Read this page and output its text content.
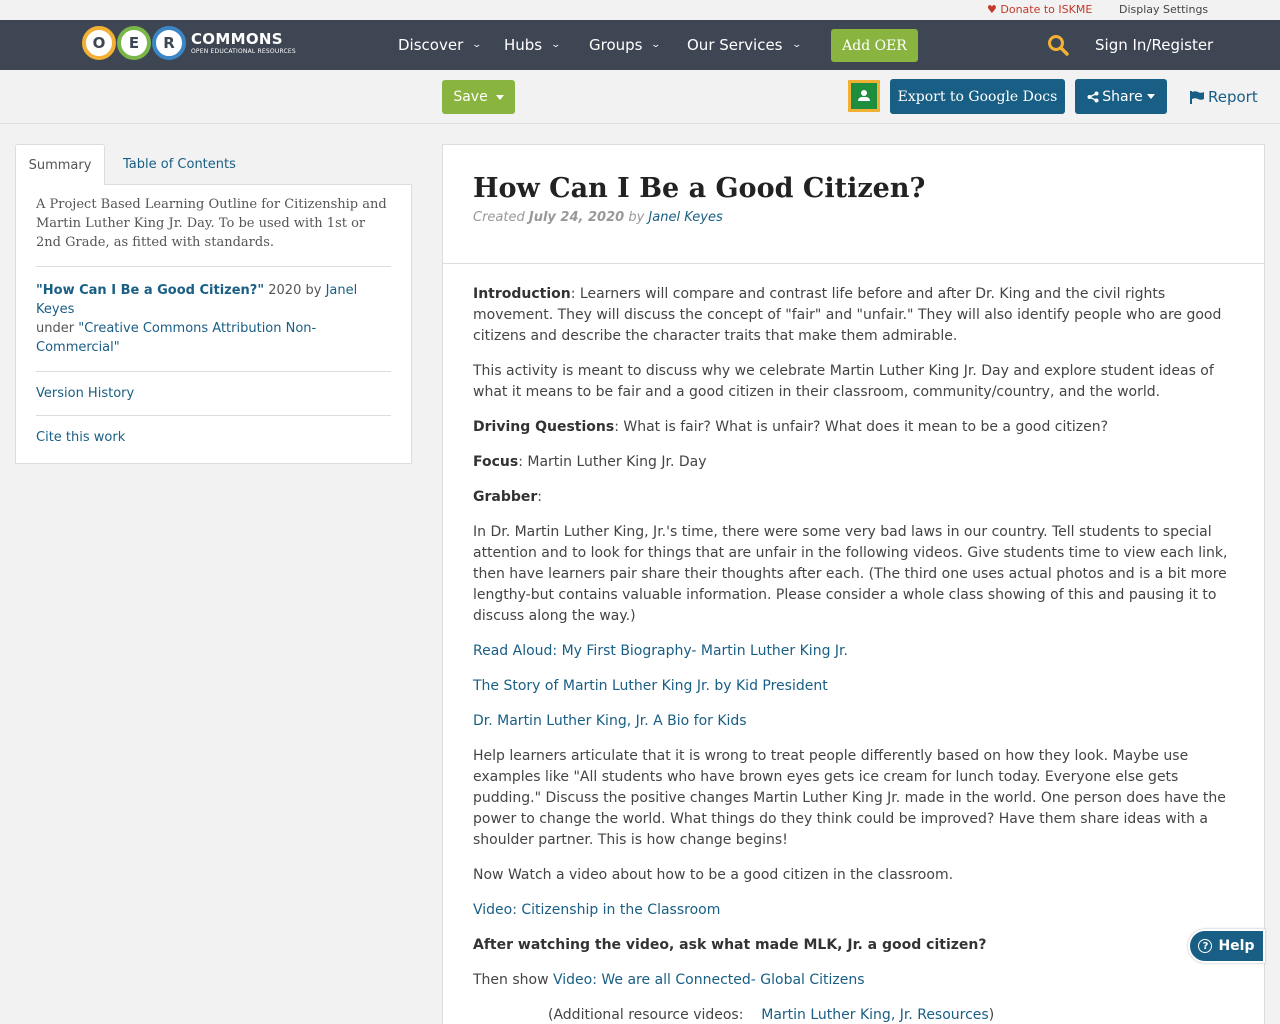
♥ Donate to ISKME Display Settings
O	E	R	COMMONS
OPEN EDUCATIONAL RESOURCES	Discover ⌄ Hubs ⌄ Groups ⌄ Our Services ⌄	Add OER	Sign In/Register
Save	Export to Google Docs	Share	Report
Summary	Table of Contents
A Project Based Learning Outline for Citizenship and Martin Luther King Jr. Day. To be used with 1st or 2nd Grade, as fitted with standards.
"How Can I Be a Good Citizen?" 2020 by Janel Keyes
under "Creative Commons Attribution Non-Commercial"
Version History
Cite this work
How Can I Be a Good Citizen?
Created July 24, 2020 by Janel Keyes

Introduction: Learners will compare and contrast life before and after Dr. King and the civil rights movement. They will discuss the concept of "fair" and "unfair." They will also identify people who are good citizens and describe the character traits that make them admirable.

This activity is meant to discuss why we celebrate Martin Luther King Jr. Day and explore student ideas of what it means to be fair and a good citizen in their classroom, community/country, and the world.

Driving Questions: What is fair? What is unfair? What does it mean to be a good citizen?

Focus: Martin Luther King Jr. Day

Grabber:

In Dr. Martin Luther King, Jr.'s time, there were some very bad laws in our country. Tell students to special attention and to look for things that are unfair in the following videos. Give students time to view each link, then have learners pair share their thoughts after each. (The third one uses actual photos and is a bit more lengthy-but contains valuable information. Please consider a whole class showing of this and pausing it to discuss along the way.)

Read Aloud: My First Biography- Martin Luther King Jr.

The Story of Martin Luther King Jr. by Kid President

Dr. Martin Luther King, Jr. A Bio for Kids

Help learners articulate that it is wrong to treat people differently based on how they look. Maybe use examples like "All students who have brown eyes gets ice cream for lunch today. Everyone else gets pudding." Discuss the positive changes Martin Luther King Jr. made in the world. One person does have the power to change the world. What things do they think could be improved? Have them share ideas with a shoulder partner. This is how change begins!

Now Watch a video about how to be a good citizen in the classroom.

Video: Citizenship in the Classroom

After watching the video, ask what made MLK, Jr. a good citizen?

Then show Video: We are all Connected- Global Citizens

(Additional resource videos: Martin Luther King, Jr. Resources)

? Help
